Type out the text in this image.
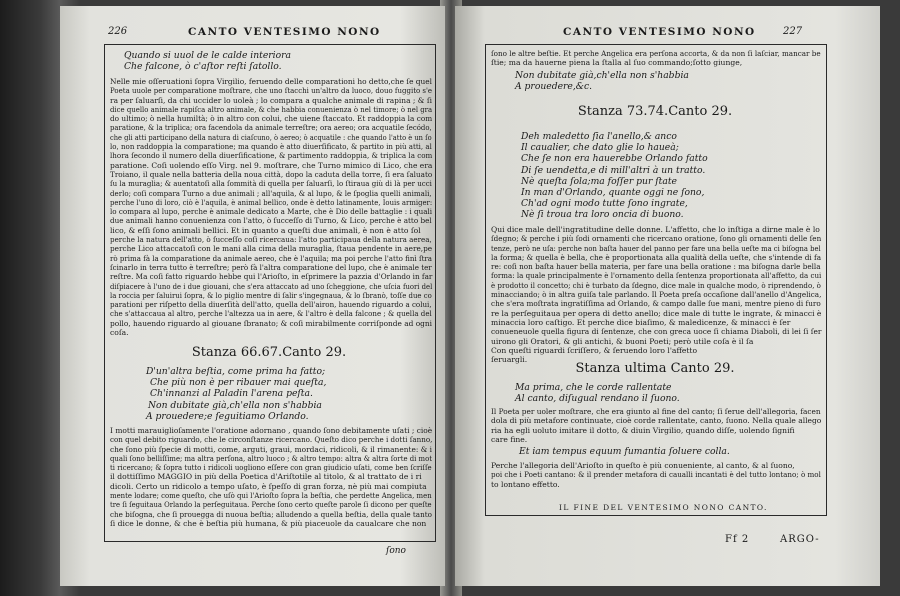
226	CANTO VENTESIMO NONO
Quando si uuol de le calde interiora
Che falcone, ò c'aſtor reſti ſatollo.
Nelle mie oſſeruationi ſopra Virgilio, feruendo delle comparationi ho detto,che ſe quel
Poeta uuole per comparatione moſtrare, che uno ſtacchi un'altro da luoco, douo fuggito s'e
ra per ſaluarſi, da chi uccider lo uoleà ; lo compara a qualche animale di rapina ; & ſi
dice quello animale rapiſca altro animale, & che habbia conuenienza ò nel timore; ò nel gra
do ultimo; ò nella humiltà; ò in altro con colui, che uiene ſtaccato. Et raddoppia la com
paratione, & la triplica; ora facendola da animale terreſtre; ora aereo; ora acquatile ſecódo,
che gli atti participano della natura di ciaſcuno, ò aereo; ò acquatile : che quando l'atto è un ſo
lo, non raddoppia la comparatione; ma quando è atto diuerſificato, & partito in più atti, al
lhora ſecondo il numero della diuerſificatione, & partimento raddoppia, & triplica la com
paratione. Coſi uolendo eſſo Virg. nel 9. moſtrare, che Turno mimico di Lico, che era
Troiano, il quale nella batteria della noua città, dopo la caduta della torre, ſi era ſaluato
ſu la muraglia; & auentatoſi alla ſommità di quella per ſaluarſi, lo ſtiraua giù di là per ucci
derlo; coſi compara Turno a due animali ; all'aquila, & al lupo, & le ſpoglia quelli animali,
perche l'uno di loro, ciò è l'aquila, è animal bellico, onde è detto latinamente, Iouis armiger:
lo compara al lupo, perche è animale dedicato a Marte, che è Dio delle battaglie : i quali
due animali hanno conuenienza con l'atto, ò ſucceſſo di Turno, & Lico, perche è atto bel
lico, & eſſi ſono animali bellici. Et in quanto a queſti due animali, è non è atto ſol
perche la natura dell'atto, ò ſucceſſo coſi ricercaua: l'atto participaua della natura aerea,
perche Lico attaccatoſi con le mani alla cima della muraglia, ſtaua pendente in aere,pe
rò prima fà la comparatione da animale aereo, che è l'aquila; ma poi perche l'atto finì ſtra
ſcinarlo in terra tutto è terreſtre; però fà l'altra comparatione del lupo, che è animale ter
reſtre. Ma coſi fatto riguardo hebbe qui l'Arioſto, in eſprimere la pazzia d'Orlando in far
diſpiacere à l'uno de i due giouani, che s'era attaccato ad uno ſcheggione, che uſcia fuori del
la roccia per ſaluirui ſopra, & lo piglio mentre di ſalir s'ingegnaua, & lo ſbranò, toſſe due co
parationi per riſpetto della diuerſità dell'atto, quella dell'airon, hauendo riguardo a colui,
che s'attaccaua al altro, perche l'altezza ua in aere, & l'altro è della falcone ; & quella del
pollo, hauendo riguardo al giouane ſbranato; & coſi mirabilmente corriſponde ad ogni
coſa.
Stanza 66.67.Canto 29.
D'un'altra beſtia, come prima ha fatto;
Che più non è per ribauer mai queſta,
Ch'innanzi al Paladin l'arena peſta.
Non dubitate già,ch'ella non s'habbia
A prouedere;e ſeguitiamo Orlando.
I motti marauiglioſamente l'oratione adornano , quando ſono debitamente uſati ; cioè
con quel debito riguardo, che le circonſtanze ricercano. Queſto dico perche i dotti ſanno,
che ſono più ſpecie di motti, come, arguti, graui, mordaci, ridicoli, & il rimanente: & i
quali ſono belliſſime; ma altra perſona, altro luoco ; & altro tempo: altra & altra ſorte di mot
ti ricercano; & ſopra tutto i ridicoli uogliono eſſere con gran giudicio uſati, come ben ſcriſſe
il dottiſſimo MAGGIO in più della Poetica d'Ariſtotile al titolo, & al trattato de i ri
dicoli. Certo un ridicolo a tempo uſato, è ſpeſſo di gran forza, nè più mai compiuta
mente lodare; come queſto, che uſò qui l'Arioſto ſopra la beſtia, che perdette Angelica, men
tre ſi ſeguitaua Orlando la perſeguitaua. Perche ſono certo queſte parole ſi dicono per queſte
che biſogna, che ſi prouegga di nuoua beſtia; alludendo a quella beſtia, della quale tanto
ſi dice le donne, & che è beſtia più humana, & più piaceuole da caualcare che non
ſono
CANTO VENTESIMO NONO	227
ſono le altre beſtie. Et perche Angelica era perſona accorta, & da non ſi laſciar, mancar be
ſtie; ma da hauerne piena la ſtalla al ſuo commando;ſotto giunge,
Non dubitate già,ch'ella non s'habbia
A prouedere,&c.
Stanza 73.74.Canto 29.
Deh maledetto ſia l'anello,& anco
Il caualier, che dato glie lo haueà;
Che ſe non era hauerebbe Orlando fatto
Di ſe uendetta,e di mill'altri à un tratto.
Nè queſta ſola;ma foſſer pur ſtate
In man d'Orlando, quante oggi ne ſono,
Ch'ad ogni modo tutte ſono ingrate,
Nè ſi troua tra loro oncia di buono.
Qui dice male dell'ingratitudine delle donne. L'affetto, che lo inſtiga a dirne male è lo
ſdegno; & perche i più ſodi ornamenti che ricercano oratione, ſono gli ornamenti delle ſen
tenze, però ne uſa: perche non baſta hauer del panno per fare una bella ueſte ma ci biſogna bel
la forma; & quella è bella, che è proportionata alla qualità della ueſte, che s'intende di fa
re: coſi non baſta hauer bella materia, per fare una bella oratione : ma biſogna darle bella
forma: la quale principalmente è l'ornamento della ſentenza proportionata all'affetto, da cui
è prodotto il concetto; chi è turbato da ſdegno, dice male in qualche modo, ò riprendendo, ò
minacciando; ò in altra guiſa tale parlando. Il Poeta preſa occaſione dall'anello d'Angelica,
che s'era moſtrata ingratiſſima ad Orlando, & campo dalle ſue mani, mentre pieno di furo
re la perſeguitaua per opera di detto anello; dice male di tutte le ingrate, & minacci è
minaccia loro caſtigo. Et perche dice biaſimo, & maledicenze, & minacci è ſer
conueneuole quella figura di ſentenze, che con greca uoce ſi chiama Diaboli, di lei ſi ſer
uirono gli Oratori, & gli antichi, & buoni Poeti; però utile coſa è il ſa
Con queſti riguardi ſcriſſero, & ſeruendo loro l'affetto
ſeruargli.
Stanza ultima Canto 29.
Ma prima, che le corde rallentate
Al canto, diſugual rendano il ſuono.
Il Poeta per uoler moſtrare, che era giunto al fine del canto; ſi ſerue dell'allegoria, facen
dola di più metafore continuate, cioè corde rallentate, canto, ſuono. Nella quale allego
ria ha egli uoluto imitare il dotto, & diuin Virgilio, quando diſſe, uolendo ſignifi
care fine.
Et iam tempus equum fumantia ſoluere colla.
Perche l'allegoria dell'Arioſto in queſto è più conueniente, al canto, & al ſuono,
poi che i Poeti cantano: & il prender metafora di caualli incantati è del tutto lontano; ò mol
to lontano effetto.
IL FINE DEL VENTESIMO NONO CANTO.
Ff 2	ARGO-
